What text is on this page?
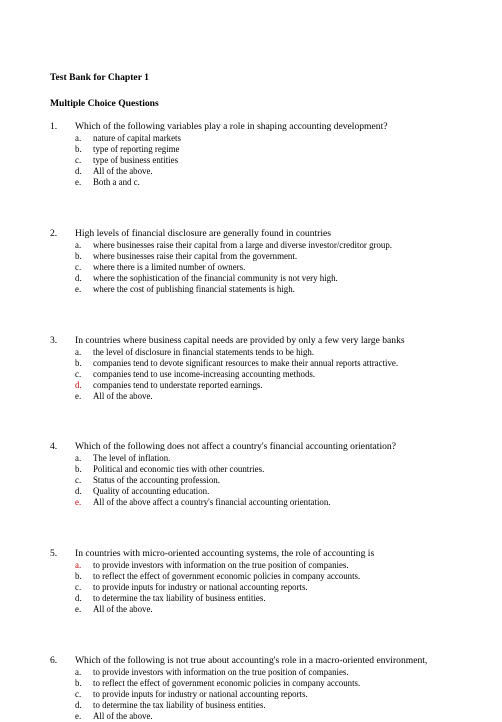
Test Bank for Chapter 1
Multiple Choice Questions
1.	Which of the following variables play a role in shaping accounting development?
a.	nature of capital markets
b.	type of reporting regime
c.	type of business entities
d.	All of the above.
e.	Both a and c.
2.	High levels of financial disclosure are generally found in countries
a.	where businesses raise their capital from a large and diverse investor/creditor group.
b.	where businesses raise their capital from the government.
c.	where there is a limited number of owners.
d.	where the sophistication of the financial community is not very high.
e.	where the cost of publishing financial statements is high.
3.	In countries where business capital needs are provided by only a few very large banks
a.	the level of disclosure in financial statements tends to be high.
b.	companies tend to devote significant resources to make their annual reports attractive.
c.	companies tend to use income-increasing accounting methods.
d.	companies tend to understate reported earnings.
e.	All of the above.
4.	Which of the following does not affect a country's financial accounting orientation?
a.	The level of inflation.
b.	Political and economic ties with other countries.
c.	Status of the accounting profession.
d.	Quality of accounting education.
e.	All of the above affect a country's financial accounting orientation.
5.	In countries with micro-oriented accounting systems, the role of accounting is
a.	to provide investors with information on the true position of companies.
b.	to reflect the effect of government economic policies in company accounts.
c.	to provide inputs for industry or national accounting reports.
d.	to determine the tax liability of business entities.
e.	All of the above.
6.	Which of the following is not true about accounting's role in a macro-oriented environment,
a.	to provide investors with information on the true position of companies.
b.	to reflect the effect of government economic policies in company accounts.
c.	to provide inputs for industry or national accounting reports.
d.	to determine the tax liability of business entities.
e.	All of the above.
